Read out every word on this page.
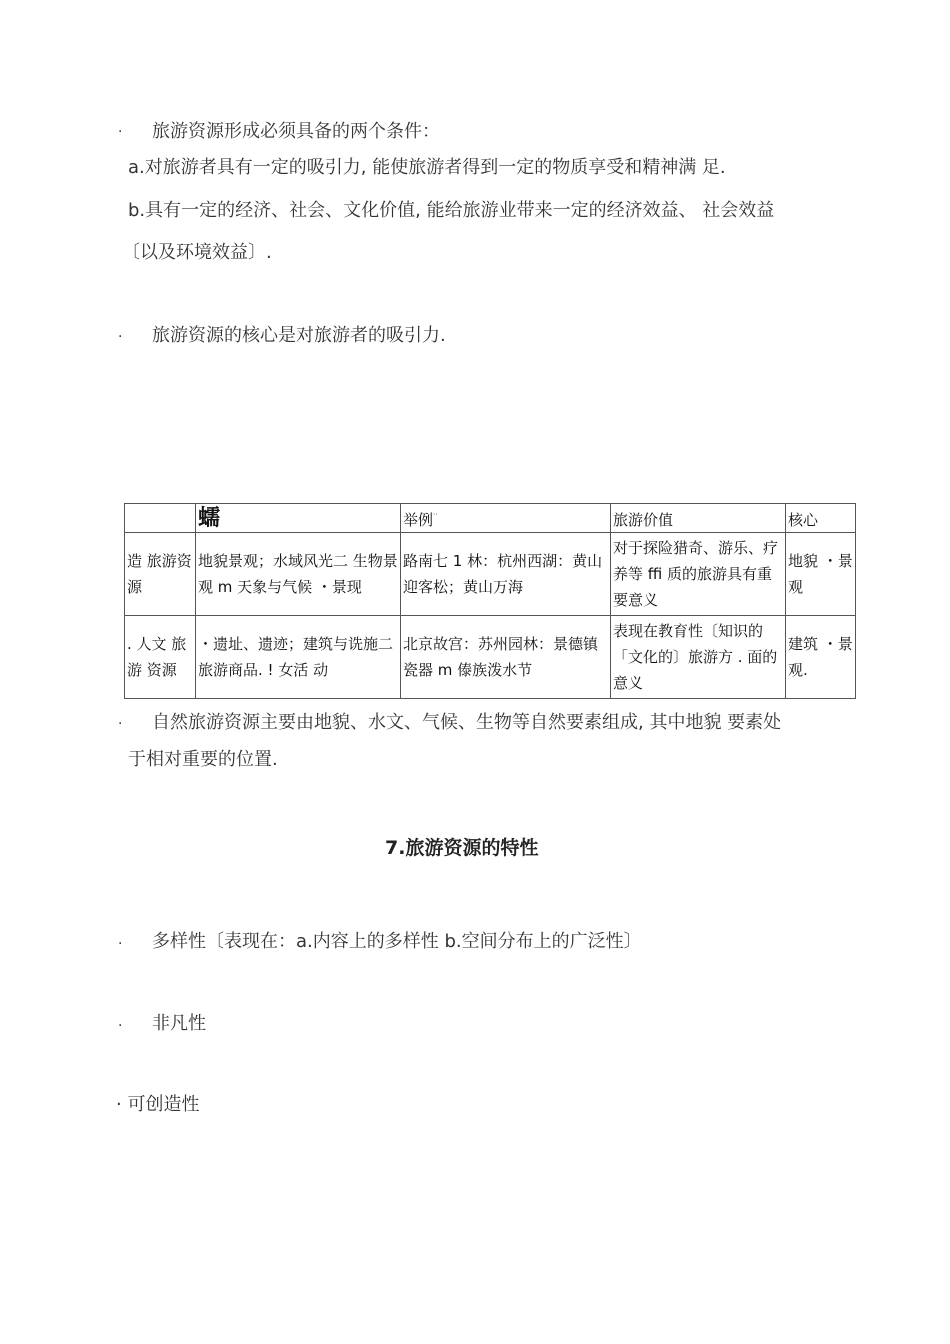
· 旅游资源形成必须具备的两个条件：
a.对旅游者具有一定的吸引力, 能使旅游者得到一定的物质享受和精神满 足.
b.具有一定的经济、社会、文化价值, 能给旅游业带来一定的经济效益、 社会效益
〔以及环境效益〕.
· 旅游资源的核心是对旅游者的吸引力.
	蠕	举例''	旅游价值	核心
造 旅游资源	地貌景观；水域风光二 生物景观 m 天象与气候 ・景现	路南七 1 林：杭州西湖：黄山迎客松；黄山万海	对于探险猎奇、游乐、疗养等 ffi 质的旅游具有重要意义	地貌 ・景观
. 人文 旅游 资源	・遗址、遗迹；建筑与诜施二旅游商品. ! 女活 动	北京故宫：苏州园林：景德镇瓷器 m 傣族泼水节	表现在教育性〔知识的「文化的〕旅游方 . 面的意义	建筑 ・景观.
· 自然旅游资源主要由地貌、水文、气候、生物等自然要素组成, 其中地貌 要素处
于相对重要的位置.
7.旅游资源的特性
· 多样性〔表现在：a.内容上的多样性 b.空间分布上的广泛性〕
· 非凡性
· 可创造性
